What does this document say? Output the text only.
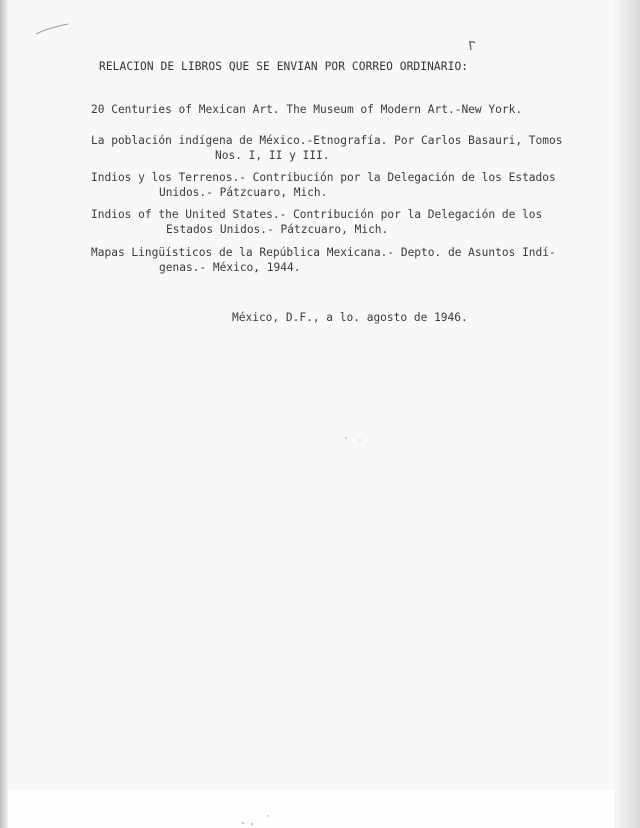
RELACION DE LIBROS QUE SE ENVIAN POR CORREO ORDINARIO:
20 Centuries of Mexican Art. The Museum of Modern Art.-New York.
La población indígena de México.-Etnografía. Por Carlos Basauri, Tomos
Nos. I, II y III.
Indios y los Terrenos.- Contribución por la Delegación de los Estados
Unidos.- Pátzcuaro, Mich.
Indios of the United States.- Contribución por la Delegación de los
Estados Unidos.- Pátzcuaro, Mich.
Mapas Lingüísticos de la República Mexicana.- Depto. de Asuntos Indí-
genas.- México, 1944.
México, D.F., a lo. agosto de 1946.
